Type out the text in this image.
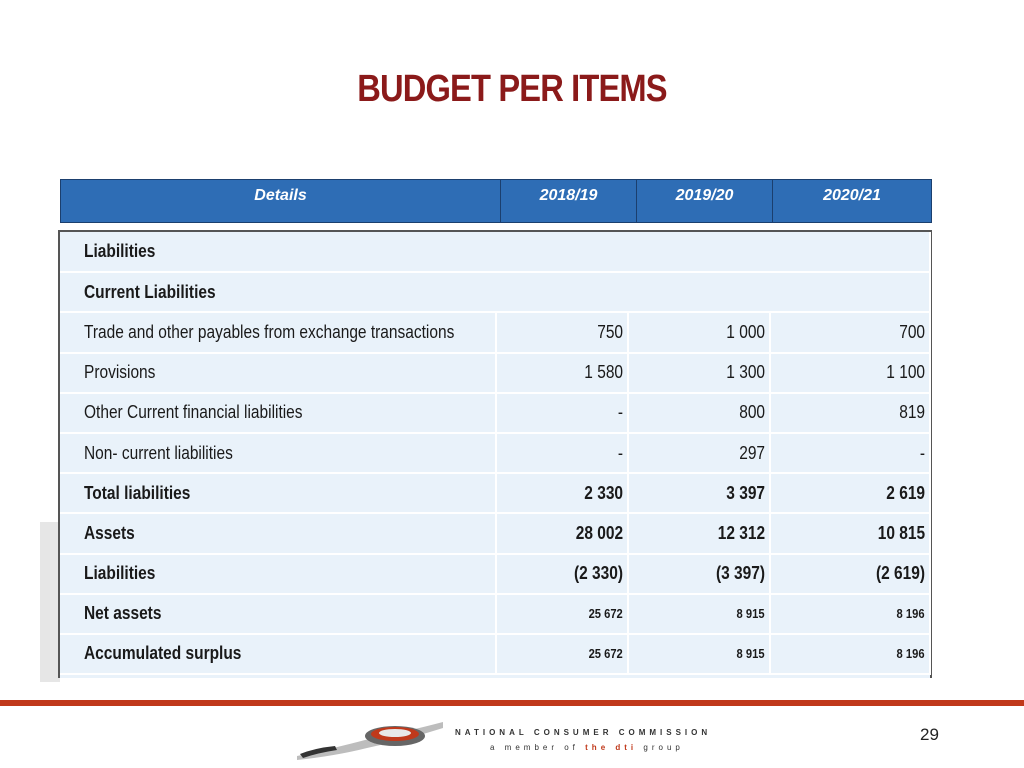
BUDGET PER ITEMS
Details	2018/19	2019/20	2020/21
Liabilities			
Current Liabilities			
Trade and other payables from exchange transactions	750	1 000	700
Provisions	1 580	1 300	1 100
Other Current financial liabilities	-	800	819
Non- current liabilities	-	297	-
Total liabilities	2 330	3 397	2 619
Assets	28 002	12 312	10 815
Liabilities	(2 330)	(3 397)	(2 619)
Net assets	25 672	8 915	8 196
Accumulated surplus	25 672	8 915	8 196
NATIONAL CONSUMER COMMISSION
a member of the dti group
29
